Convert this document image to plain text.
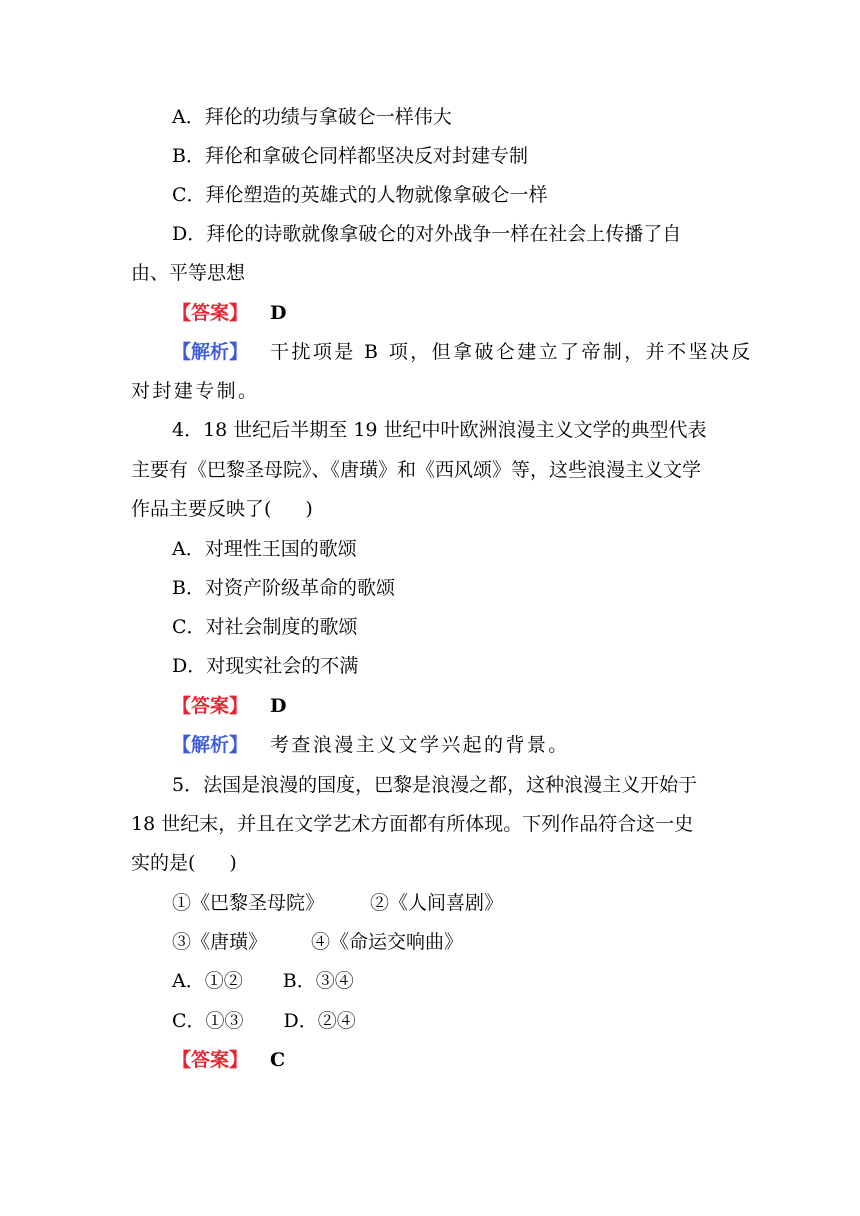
A．拜伦的功绩与拿破仑一样伟大
B．拜伦和拿破仑同样都坚决反对封建专制
C．拜伦塑造的英雄式的人物就像拿破仑一样
D．拜伦的诗歌就像拿破仑的对外战争一样在社会上传播了自
由、平等思想
【答案】 D
【解析】 干扰项是 B 项，但拿破仑建立了帝制，并不坚决反
对封建专制。
4．18 世纪后半期至 19 世纪中叶欧洲浪漫主义文学的典型代表
主要有《巴黎圣母院》、《唐璜》和《西风颂》等，这些浪漫主义文学
作品主要反映了( )
A．对理性王国的歌颂
B．对资产阶级革命的歌颂
C．对社会制度的歌颂
D．对现实社会的不满
【答案】 D
【解析】 考查浪漫主义文学兴起的背景。
5．法国是浪漫的国度，巴黎是浪漫之都，这种浪漫主义开始于
18 世纪末，并且在文学艺术方面都有所体现。下列作品符合这一史
实的是( )
①《巴黎圣母院》 ②《人间喜剧》
③《唐璜》 ④《命运交响曲》
A．①② B．③④
C．①③ D．②④
【答案】 C
